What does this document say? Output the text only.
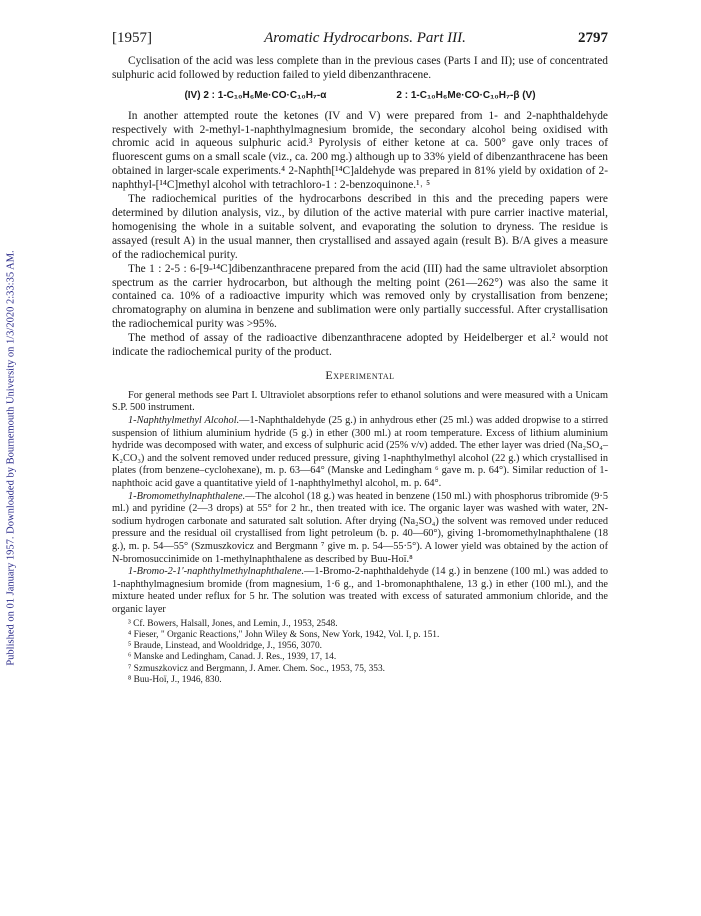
Published on 01 January 1957. Downloaded by Bournemouth University on 1/3/2020 2:33:35 AM.
[1957]	Aromatic Hydrocarbons. Part III.	2797

Cyclisation of the acid was less complete than in the previous cases (Parts I and II); use of concentrated sulphuric acid followed by reduction failed to yield dibenzanthracene.

(IV) 2 : 1-C₁₀H₆Me·CO·C₁₀H₇-α	2 : 1-C₁₀H₆Me·CO·C₁₀H₇-β (V)

In another attempted route the ketones (IV and V) were prepared from 1- and 2-naphthaldehyde respectively with 2-methyl-1-naphthylmagnesium bromide, the secondary alcohol being oxidised with chromic acid in aqueous sulphuric acid.³ Pyrolysis of either ketone at ca. 500° gave only traces of fluorescent gums on a small scale (viz., ca. 200 mg.) although up to 33% yield of dibenzanthracene has been obtained in larger-scale experiments.⁴ 2-Naphth[¹⁴C]aldehyde was prepared in 81% yield by oxidation of 2-naphthyl-[¹⁴C]methyl alcohol with tetrachloro-1 : 2-benzoquinone.¹˒ ⁵

The radiochemical purities of the hydrocarbons described in this and the preceding papers were determined by dilution analysis, viz., by dilution of the active material with pure carrier inactive material, homogenising the whole in a suitable solvent, and evaporating the solution to dryness. The residue is assayed (result A) in the usual manner, then crystallised and assayed again (result B). B/A gives a measure of the radiochemical purity.

The 1 : 2-5 : 6-[9-¹⁴C]dibenzanthracene prepared from the acid (III) had the same ultraviolet absorption spectrum as the carrier hydrocarbon, but although the melting point (261—262°) was also the same it contained ca. 10% of a radioactive impurity which was removed only by crystallisation from benzene; chromatography on alumina in benzene and sublimation were only partially successful. After crystallisation the radiochemical purity was >95%.

The method of assay of the radioactive dibenzanthracene adopted by Heidelberger et al.² would not indicate the radiochemical purity of the product.

Experimental

For general methods see Part I. Ultraviolet absorptions refer to ethanol solutions and were measured with a Unicam S.P. 500 instrument.

1-Naphthylmethyl Alcohol.—1-Naphthaldehyde (25 g.) in anhydrous ether (25 ml.) was added dropwise to a stirred suspension of lithium aluminium hydride (5 g.) in ether (300 ml.) at room temperature. Excess of lithium aluminium hydride was decomposed with water, and excess of sulphuric acid (25% v/v) added. The ether layer was dried (Na₂SO₄–K₂CO₃) and the solvent removed under reduced pressure, giving 1-naphthylmethyl alcohol (22 g.) which crystallised in plates (from benzene–cyclohexane), m. p. 63—64° (Manske and Ledingham ⁶ gave m. p. 64°). Similar reduction of 1-naphthoic acid gave a quantitative yield of 1-naphthylmethyl alcohol, m. p. 64°.

1-Bromomethylnaphthalene.—The alcohol (18 g.) was heated in benzene (150 ml.) with phosphorus tribromide (9·5 ml.) and pyridine (2—3 drops) at 55° for 2 hr., then treated with ice. The organic layer was washed with water, 2N-sodium hydrogen carbonate and saturated salt solution. After drying (Na₂SO₄) the solvent was removed under reduced pressure and the residual oil crystallised from light petroleum (b. p. 40—60°), giving 1-bromomethylnaphthalene (18 g.), m. p. 54—55° (Szmuszkovicz and Bergmann ⁷ give m. p. 54—55·5°). A lower yield was obtained by the action of N-bromosuccinimide on 1-methylnaphthalene as described by Buu-Hoï.⁸

1-Bromo-2-1′-naphthylmethylnaphthalene.—1-Bromo-2-naphthaldehyde (14 g.) in benzene (100 ml.) was added to 1-naphthylmagnesium bromide (from magnesium, 1·6 g., and 1-bromonaphthalene, 13 g.) in ether (100 ml.), and the mixture heated under reflux for 5 hr. The solution was treated with excess of saturated ammonium chloride, and the organic layer

³ Cf. Bowers, Halsall, Jones, and Lemin, J., 1953, 2548.
⁴ Fieser, " Organic Reactions," John Wiley & Sons, New York, 1942, Vol. I, p. 151.
⁵ Braude, Linstead, and Wooldridge, J., 1956, 3070.
⁶ Manske and Ledingham, Canad. J. Res., 1939, 17, 14.
⁷ Szmuszkovicz and Bergmann, J. Amer. Chem. Soc., 1953, 75, 353.
⁸ Buu-Hoï, J., 1946, 830.
